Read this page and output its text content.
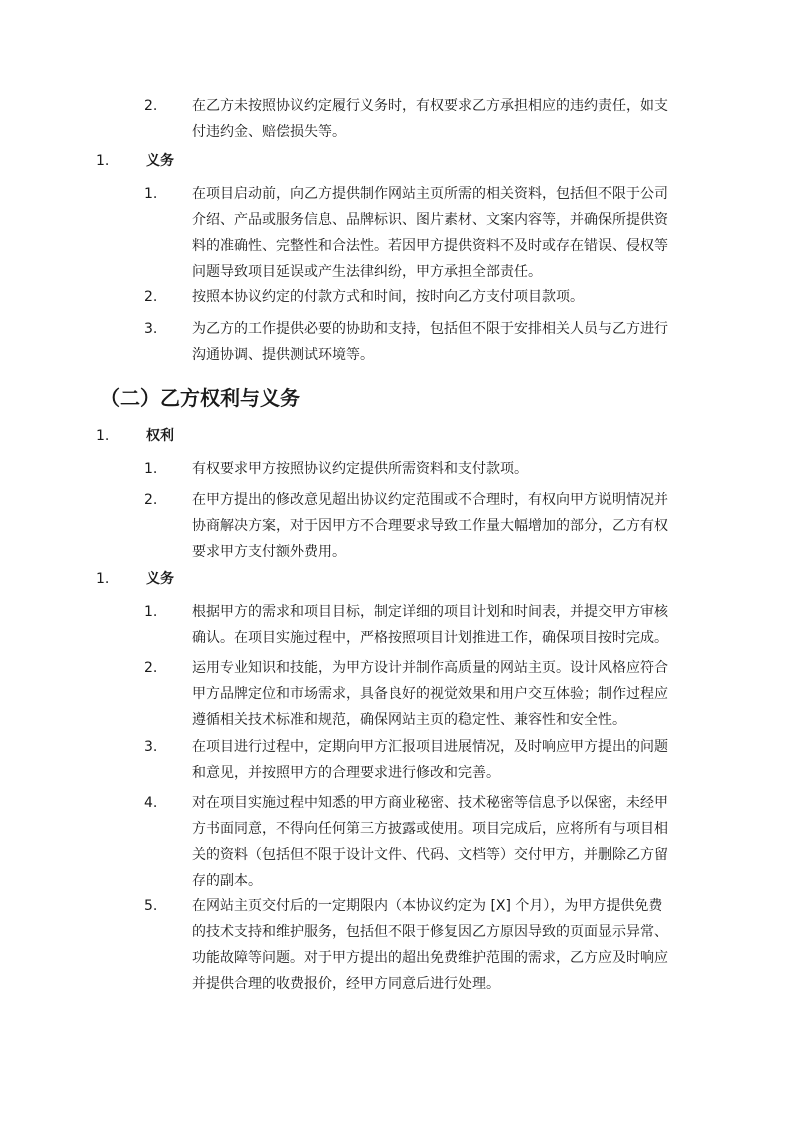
2. 在乙方未按照协议约定履行义务时，有权要求乙方承担相应的违约责任，如支
付违约金、赔偿损失等。
1.	义务
1. 在项目启动前，向乙方提供制作网站主页所需的相关资料，包括但不限于公司
介绍、产品或服务信息、品牌标识、图片素材、文案内容等，并确保所提供资
料的准确性、完整性和合法性。若因甲方提供资料不及时或存在错误、侵权等
问题导致项目延误或产生法律纠纷，甲方承担全部责任。
2. 按照本协议约定的付款方式和时间，按时向乙方支付项目款项。
3. 为乙方的工作提供必要的协助和支持，包括但不限于安排相关人员与乙方进行
沟通协调、提供测试环境等。
（二）乙方权利与义务
1.	权利
1. 有权要求甲方按照协议约定提供所需资料和支付款项。
2. 在甲方提出的修改意见超出协议约定范围或不合理时，有权向甲方说明情况并
协商解决方案，对于因甲方不合理要求导致工作量大幅增加的部分，乙方有权
要求甲方支付额外费用。
1.	义务
1. 根据甲方的需求和项目目标，制定详细的项目计划和时间表，并提交甲方审核
确认。在项目实施过程中，严格按照项目计划推进工作，确保项目按时完成。
2. 运用专业知识和技能，为甲方设计并制作高质量的网站主页。设计风格应符合
甲方品牌定位和市场需求，具备良好的视觉效果和用户交互体验；制作过程应
遵循相关技术标准和规范，确保网站主页的稳定性、兼容性和安全性。
3. 在项目进行过程中，定期向甲方汇报项目进展情况，及时响应甲方提出的问题
和意见，并按照甲方的合理要求进行修改和完善。
4. 对在项目实施过程中知悉的甲方商业秘密、技术秘密等信息予以保密，未经甲
方书面同意，不得向任何第三方披露或使用。项目完成后，应将所有与项目相
关的资料（包括但不限于设计文件、代码、文档等）交付甲方，并删除乙方留
存的副本。
5. 在网站主页交付后的一定期限内（本协议约定为 [X] 个月），为甲方提供免费
的技术支持和维护服务，包括但不限于修复因乙方原因导致的页面显示异常、
功能故障等问题。对于甲方提出的超出免费维护范围的需求，乙方应及时响应
并提供合理的收费报价，经甲方同意后进行处理。
